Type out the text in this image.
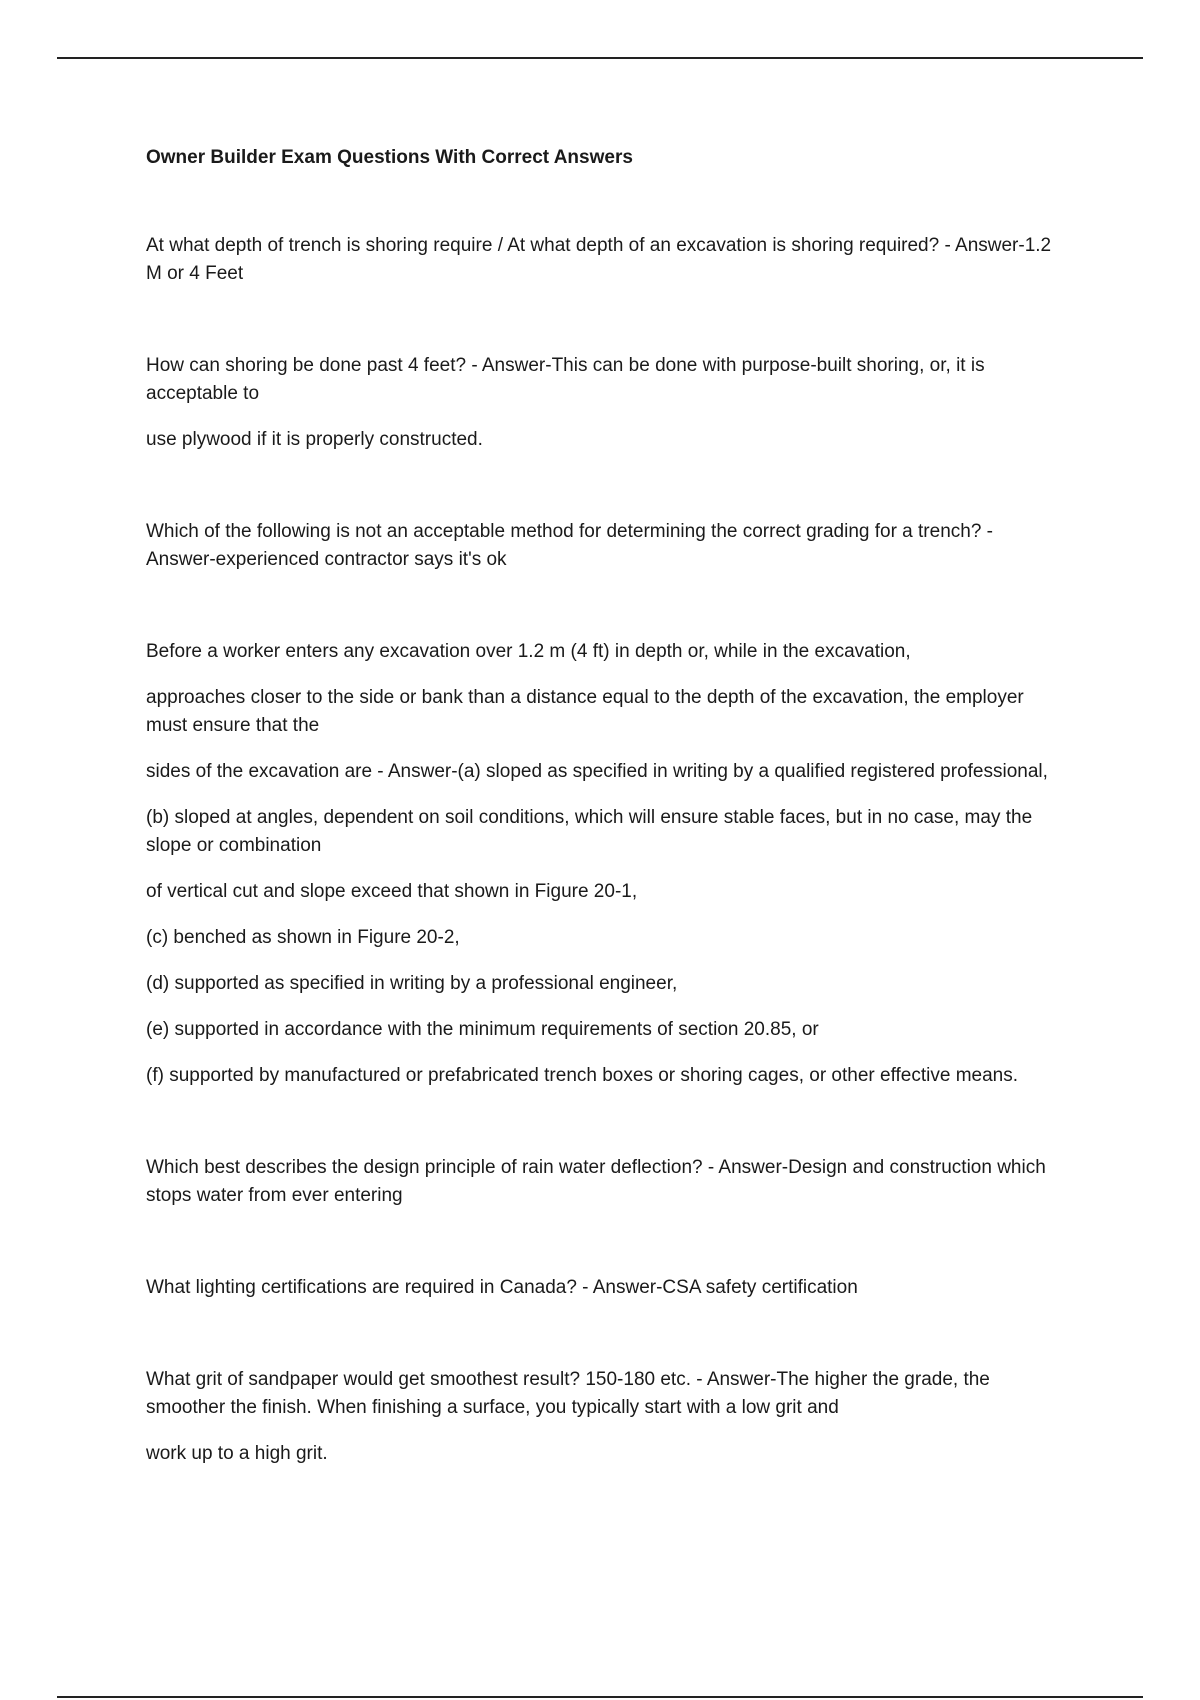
Owner Builder Exam Questions With Correct Answers
At what depth of trench is shoring require / At what depth of an excavation is shoring required? - Answer-1.2 M or 4 Feet
How can shoring be done past 4 feet? - Answer-This can be done with purpose-built shoring, or, it is acceptable to
use plywood if it is properly constructed.
Which of the following is not an acceptable method for determining the correct grading for a trench? - Answer-experienced contractor says it's ok
Before a worker enters any excavation over 1.2 m (4 ft) in depth or, while in the excavation,
approaches closer to the side or bank than a distance equal to the depth of the excavation, the employer must ensure that the
sides of the excavation are - Answer-(a) sloped as specified in writing by a qualified registered professional,
(b) sloped at angles, dependent on soil conditions, which will ensure stable faces, but in no case, may the slope or combination
of vertical cut and slope exceed that shown in Figure 20-1,
(c) benched as shown in Figure 20-2,
(d) supported as specified in writing by a professional engineer,
(e) supported in accordance with the minimum requirements of section 20.85, or
(f) supported by manufactured or prefabricated trench boxes or shoring cages, or other effective means.
Which best describes the design principle of rain water deflection? - Answer-Design and construction which stops water from ever entering
What lighting certifications are required in Canada? - Answer-CSA safety certification
What grit of sandpaper would get smoothest result? 150-180 etc. - Answer-The higher the grade, the smoother the finish. When finishing a surface, you typically start with a low grit and
work up to a high grit.
